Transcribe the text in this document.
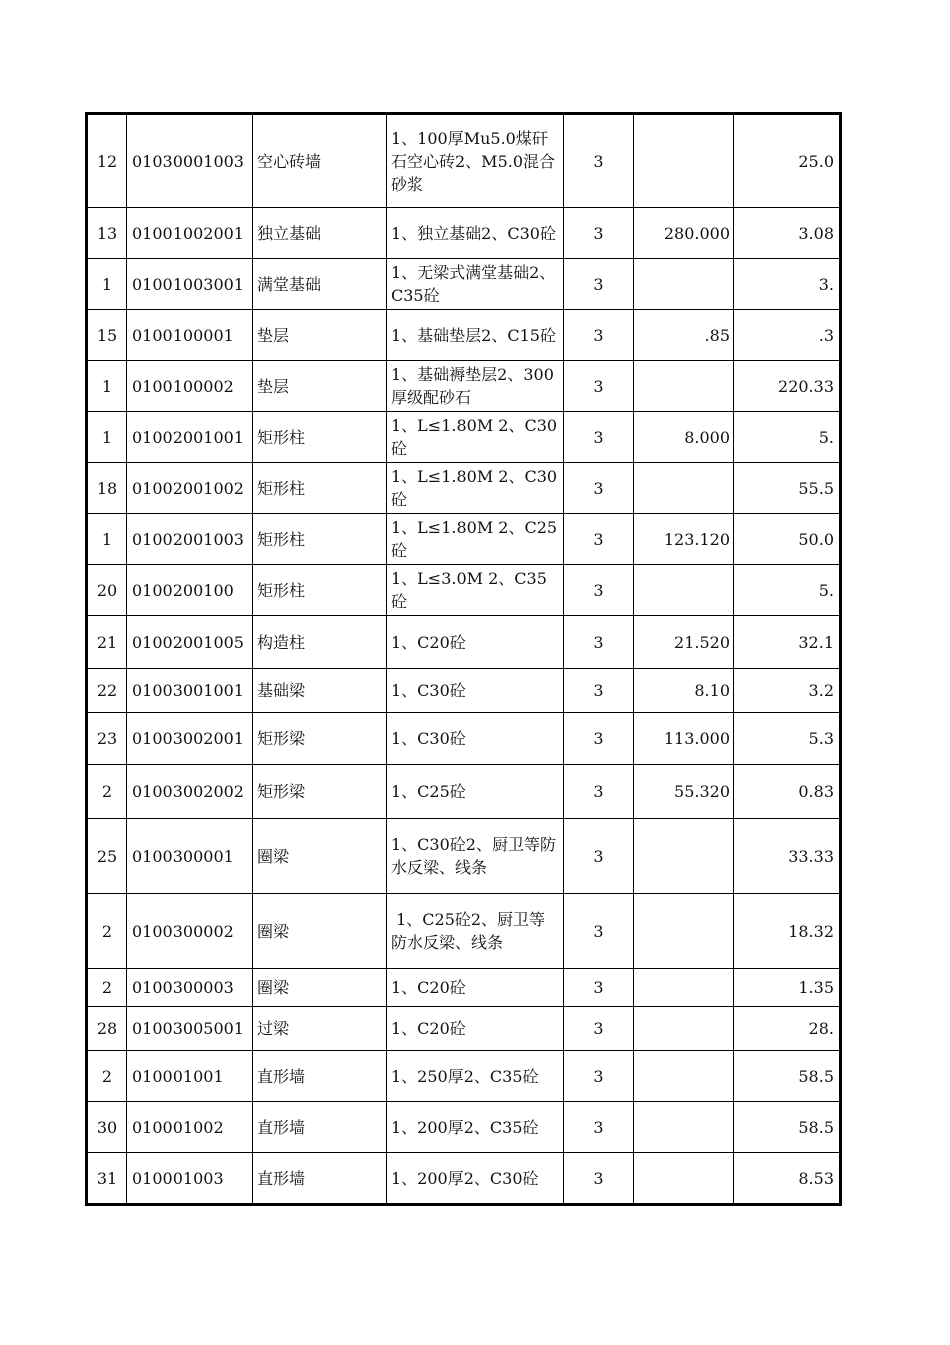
12	01030001003	空心砖墙	1、100厚Mu5.0煤矸石空心砖2、M5.0混合砂浆	3		25.0
13	01001002001	独立基础	1、独立基础2、C30砼	3	280.000	3.08
1	01001003001	满堂基础	1、无梁式满堂基础2、C35砼	3		3.
15	0100100001	垫层	1、基础垫层2、C15砼	3	.85	.3
1	0100100002	垫层	1、基础褥垫层2、300厚级配砂石	3		220.33
1	01002001001	矩形柱	1、L≤1.80M 2、C30砼	3	8.000	5.
18	01002001002	矩形柱	1、L≤1.80M 2、C30砼	3		55.5
1	01002001003	矩形柱	1、L≤1.80M 2、C25砼	3	123.120	50.0
20	0100200100	矩形柱	1、L≤3.0M 2、C35砼	3		5.
21	01002001005	构造柱	1、C20砼	3	21.520	32.1
22	01003001001	基础梁	1、C30砼	3	8.10	3.2
23	01003002001	矩形梁	1、C30砼	3	113.000	5.3
2	01003002002	矩形梁	1、C25砼	3	55.320	0.83
25	0100300001	圈梁	1、C30砼2、厨卫等防水反梁、线条	3		33.33
2	0100300002	圈梁	1、C25砼2、厨卫等防水反梁、线条	3		18.32
2	0100300003	圈梁	1、C20砼	3		1.35
28	01003005001	过梁	1、C20砼	3		28.
2	010001001	直形墙	1、250厚2、C35砼	3		58.5
30	010001002	直形墙	1、200厚2、C35砼	3		58.5
31	010001003	直形墙	1、200厚2、C30砼	3		8.53
